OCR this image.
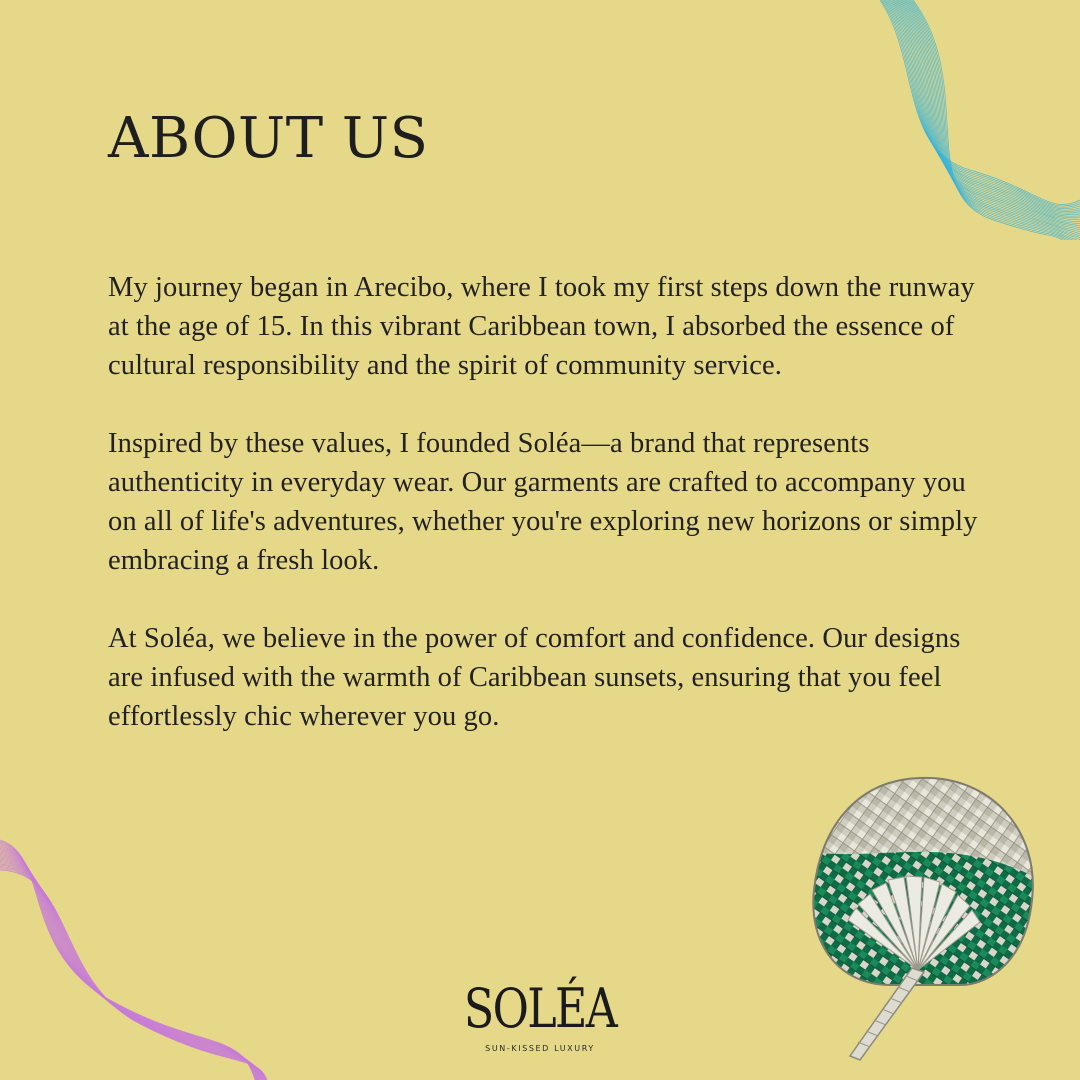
ABOUT US

My journey began in Arecibo, where I took my first steps down the runway at the age of 15. In this vibrant Caribbean town, I absorbed the essence of cultural responsibility and the spirit of community service.

Inspired by these values, I founded Soléa—a brand that represents authenticity in everyday wear. Our garments are crafted to accompany you on all of life's adventures, whether you're exploring new horizons or simply embracing a fresh look.

At Soléa, we believe in the power of comfort and confidence. Our designs are infused with the warmth of Caribbean sunsets, ensuring that you feel effortlessly chic wherever you go.

SOLÉA
SUN-KISSED LUXURY
